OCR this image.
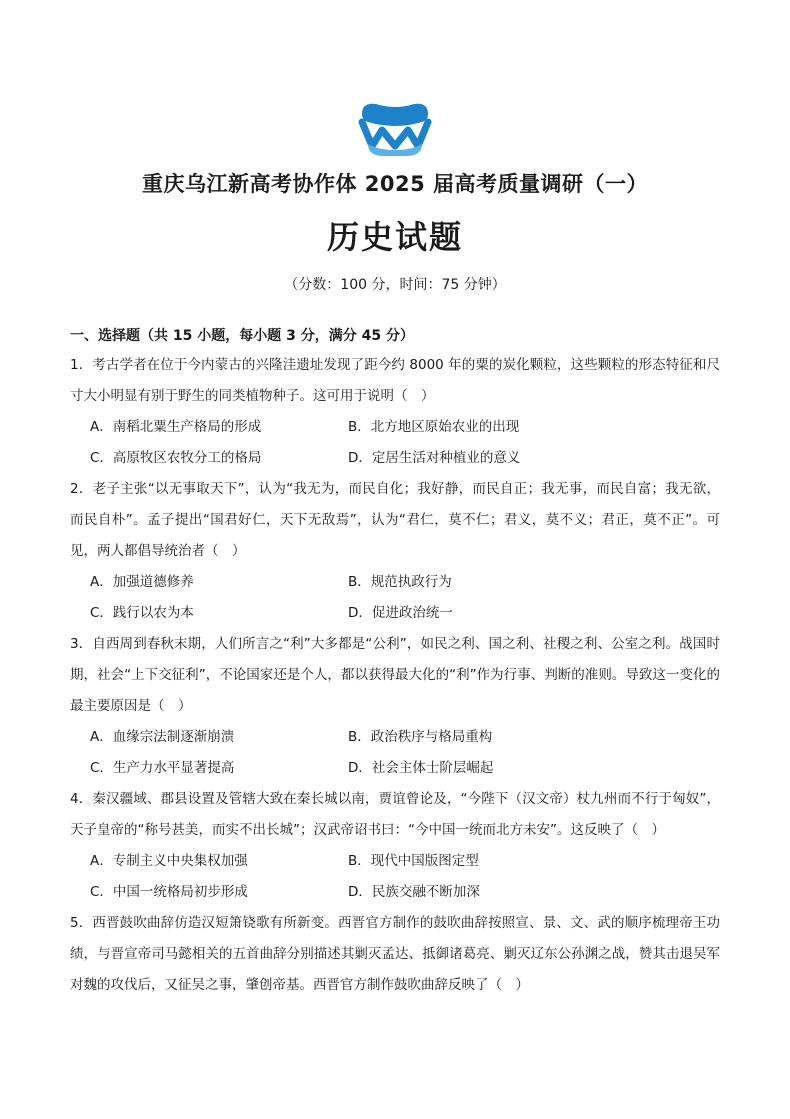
重庆乌江新高考协作体 2025 届高考质量调研（一）
历史试题
（分数：100 分，时间：75 分钟）
一、选择题（共 15 小题，每小题 3 分，满分 45 分）
1．考古学者在位于今内蒙古的兴隆洼遗址发现了距今约 8000 年的粟的炭化颗粒，这些颗粒的形态特征和尺寸大小明显有别于野生的同类植物种子。这可用于说明（　）
A．南稻北粟生产格局的形成	B．北方地区原始农业的出现
C．高原牧区农牧分工的格局	D．定居生活对种植业的意义
2．老子主张“以无事取天下”，认为“我无为，而民自化；我好静，而民自正；我无事，而民自富；我无欲，而民自朴”。孟子提出“国君好仁，天下无敌焉”，认为“君仁，莫不仁；君义，莫不义；君正，莫不正”。可见，两人都倡导统治者（　）
A．加强道德修养	B．规范执政行为
C．践行以农为本	D．促进政治统一
3．自西周到春秋末期，人们所言之“利”大多都是“公利”，如民之利、国之利、社稷之利、公室之利。战国时期，社会“上下交征利”，不论国家还是个人，都以获得最大化的“利”作为行事、判断的准则。导致这一变化的最主要原因是（　）
A．血缘宗法制逐渐崩溃	B．政治秩序与格局重构
C．生产力水平显著提高	D．社会主体士阶层崛起
4．秦汉疆域、郡县设置及管辖大致在秦长城以南，贾谊曾论及，“今陛下（汉文帝）杖九州而不行于匈奴”，天子皇帝的“称号甚美，而实不出长城”；汉武帝诏书曰：“今中国一统而北方未安”。这反映了（　）
A．专制主义中央集权加强	B．现代中国版图定型
C．中国一统格局初步形成	D．民族交融不断加深
5．西晋鼓吹曲辞仿造汉短箫铙歌有所新变。西晋官方制作的鼓吹曲辞按照宣、景、文、武的顺序梳理帝王功绩，与晋宣帝司马懿相关的五首曲辞分别描述其剿灭孟达、抵御诸葛亮、剿灭辽东公孙渊之战，赞其击退吴军对魏的攻伐后，又征吴之事，肇创帝基。西晋官方制作鼓吹曲辞反映了（　）
